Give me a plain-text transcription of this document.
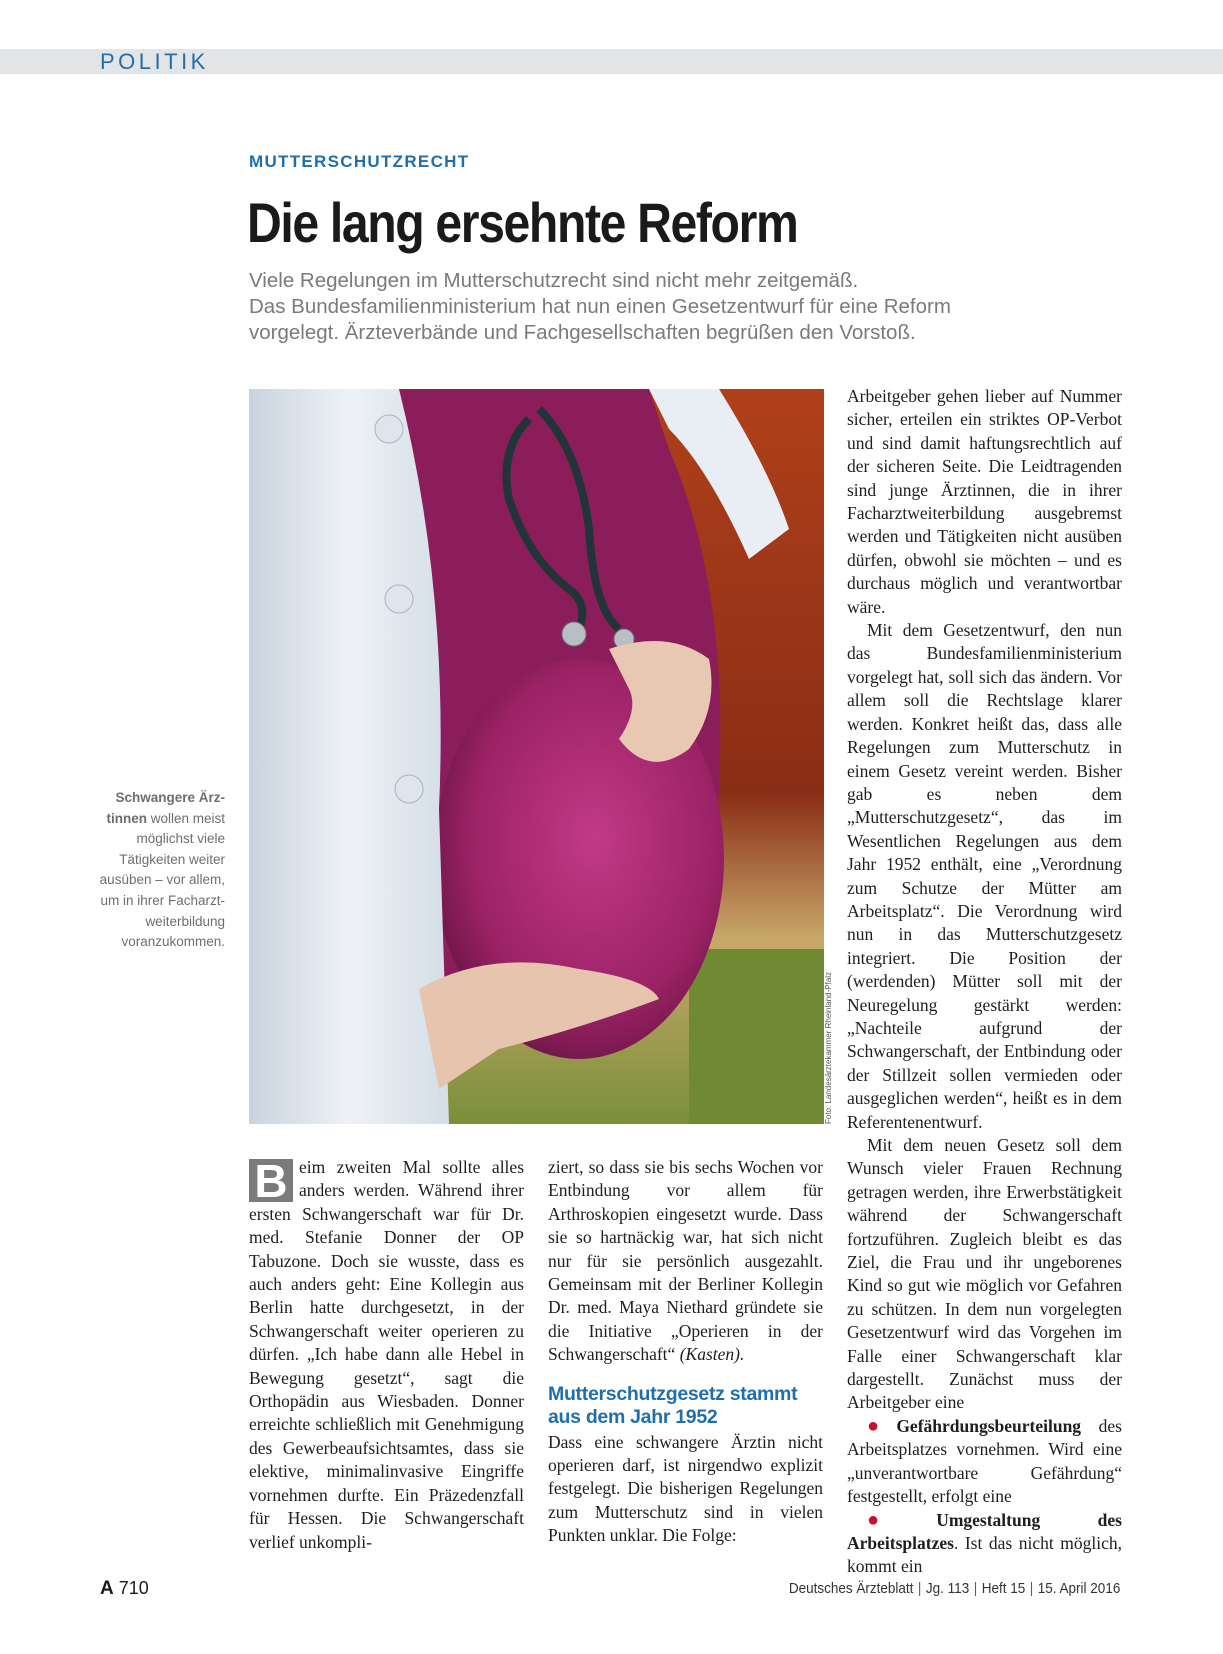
POLITIK
MUTTERSCHUTZRECHT
Die lang ersehnte Reform
Viele Regelungen im Mutterschutzrecht sind nicht mehr zeitgemäß.
Das Bundesfamilienministerium hat nun einen Gesetzentwurf für eine Reform
vorgelegt. Ärzteverbände und Fachgesellschaften begrüßen den Vorstoß.
Schwangere Ärz-tinnen wollen meist möglichst viele Tätigkeiten weiter ausüben – vor allem, um in ihrer Facharzt-weiterbildung voranzukommen.
Foto: Landesärztekammer Rheinland-Pfalz

B eim zweiten Mal sollte alles anders werden. Während ihrer ersten Schwangerschaft war für Dr. med. Stefanie Donner der OP Tabuzone. Doch sie wusste, dass es auch anders geht: Eine Kollegin aus Berlin hatte durchgesetzt, in der Schwangerschaft weiter operieren zu dürfen. „Ich habe dann alle Hebel in Bewegung gesetzt“, sagt die Orthopädin aus Wiesbaden. Donner erreichte schließlich mit Genehmigung des Gewerbeaufsichtsamtes, dass sie elektive, minimalinvasive Eingriffe vornehmen durfte. Ein Präzedenzfall für Hessen. Die Schwangerschaft verlief unkompli-

ziert, so dass sie bis sechs Wochen vor Entbindung vor allem für Arthroskopien eingesetzt wurde. Dass sie so hartnäckig war, hat sich nicht nur für sie persönlich ausgezahlt. Gemeinsam mit der Berliner Kollegin Dr. med. Maya Niethard gründete sie die Initiative „Operieren in der Schwangerschaft“ (Kasten).

Mutterschutzgesetz stammt aus dem Jahr 1952

Dass eine schwangere Ärztin nicht operieren darf, ist nirgendwo explizit festgelegt. Die bisherigen Regelungen zum Mutterschutz sind in vielen Punkten unklar. Die Folge:

Arbeitgeber gehen lieber auf Nummer sicher, erteilen ein striktes OP-Verbot und sind damit haftungsrechtlich auf der sicheren Seite. Die Leidtragenden sind junge Ärztinnen, die in ihrer Facharztweiterbildung ausgebremst werden und Tätigkeiten nicht ausüben dürfen, obwohl sie möchten – und es durchaus möglich und verantwortbar wäre.

Mit dem Gesetzentwurf, den nun das Bundesfamilienministerium vorgelegt hat, soll sich das ändern. Vor allem soll die Rechtslage klarer werden. Konkret heißt das, dass alle Regelungen zum Mutterschutz in einem Gesetz vereint werden. Bisher gab es neben dem „Mutterschutzgesetz“, das im Wesentlichen Regelungen aus dem Jahr 1952 enthält, eine „Verordnung zum Schutze der Mütter am Arbeitsplatz“. Die Verordnung wird nun in das Mutterschutzgesetz integriert. Die Position der (werdenden) Mütter soll mit der Neuregelung gestärkt werden: „Nachteile aufgrund der Schwangerschaft, der Entbindung oder der Stillzeit sollen vermieden oder ausgeglichen werden“, heißt es in dem Referentenentwurf.

Mit dem neuen Gesetz soll dem Wunsch vieler Frauen Rechnung getragen werden, ihre Erwerbstätigkeit während der Schwangerschaft fortzuführen. Zugleich bleibt es das Ziel, die Frau und ihr ungeborenes Kind so gut wie möglich vor Gefahren zu schützen. In dem nun vorgelegten Gesetzentwurf wird das Vorgehen im Falle einer Schwangerschaft klar dargestellt. Zunächst muss der Arbeitgeber eine

● Gefährdungsbeurteilung des Arbeitsplatzes vornehmen. Wird eine „unverantwortbare Gefährdung“ festgestellt, erfolgt eine

● Umgestaltung des Arbeitsplatzes. Ist das nicht möglich, kommt ein

A 710	Deutsches Ärzteblatt | Jg. 113 | Heft 15 | 15. April 2016
